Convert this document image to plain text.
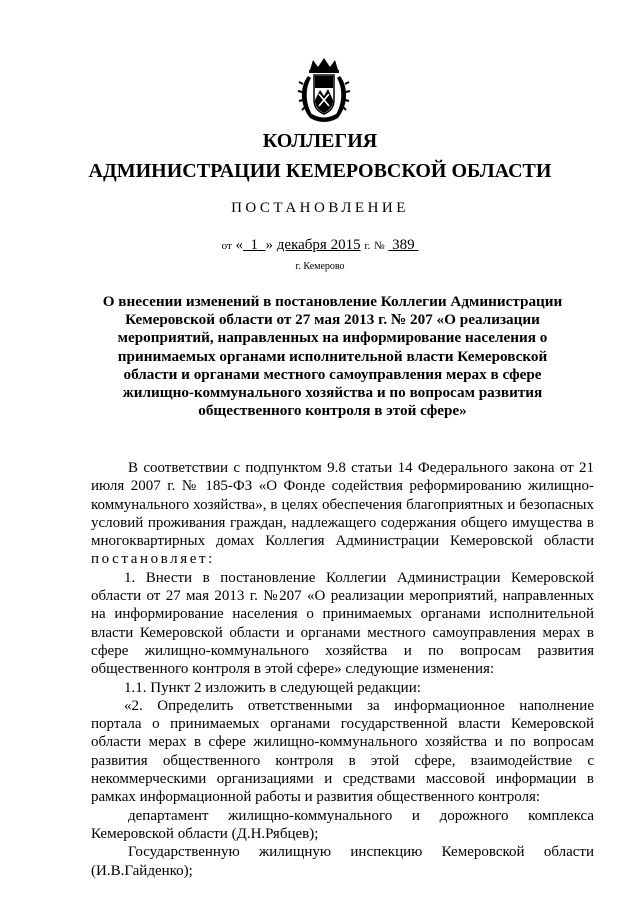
КОЛЛЕГИЯ
АДМИНИСТРАЦИИ КЕМЕРОВСКОЙ ОБЛАСТИ
ПОСТАНОВЛЕНИЕ
от « 1 » декабря 2015 г. № 389
г. Кемерово
О внесении изменений в постановление Коллегии Администрации Кемеровской области от 27 мая 2013 г. № 207 «О реализации мероприятий, направленных на информирование населения о принимаемых органами исполнительной власти Кемеровской области и органами местного самоуправления мерах в сфере жилищно-коммунального хозяйства и по вопросам развития общественного контроля в этой сфере»

В соответствии с подпунктом 9.8 статьи 14 Федерального закона от 21 июля 2007 г. № 185-ФЗ «О Фонде содействия реформированию жилищно-коммунального хозяйства», в целях обеспечения благоприятных и безопасных условий проживания граждан, надлежащего содержания общего имущества в многоквартирных домах Коллегия Администрации Кемеровской области постановляет:

1. Внести в постановление Коллегии Администрации Кемеровской области от 27 мая 2013 г. №207 «О реализации мероприятий, направленных на информирование населения о принимаемых органами исполнительной власти Кемеровской области и органами местного самоуправления мерах в сфере жилищно-коммунального хозяйства и по вопросам развития общественного контроля в этой сфере» следующие изменения:

1.1. Пункт 2 изложить в следующей редакции:

«2. Определить ответственными за информационное наполнение портала о принимаемых органами государственной власти Кемеровской области мерах в сфере жилищно-коммунального хозяйства и по вопросам развития общественного контроля в этой сфере, взаимодействие с некоммерческими организациями и средствами массовой информации в рамках информационной работы и развития общественного контроля:

департамент жилищно-коммунального и дорожного комплекса Кемеровской области (Д.Н.Рябцев);

Государственную жилищную инспекцию Кемеровской области (И.В.Гайденко);
